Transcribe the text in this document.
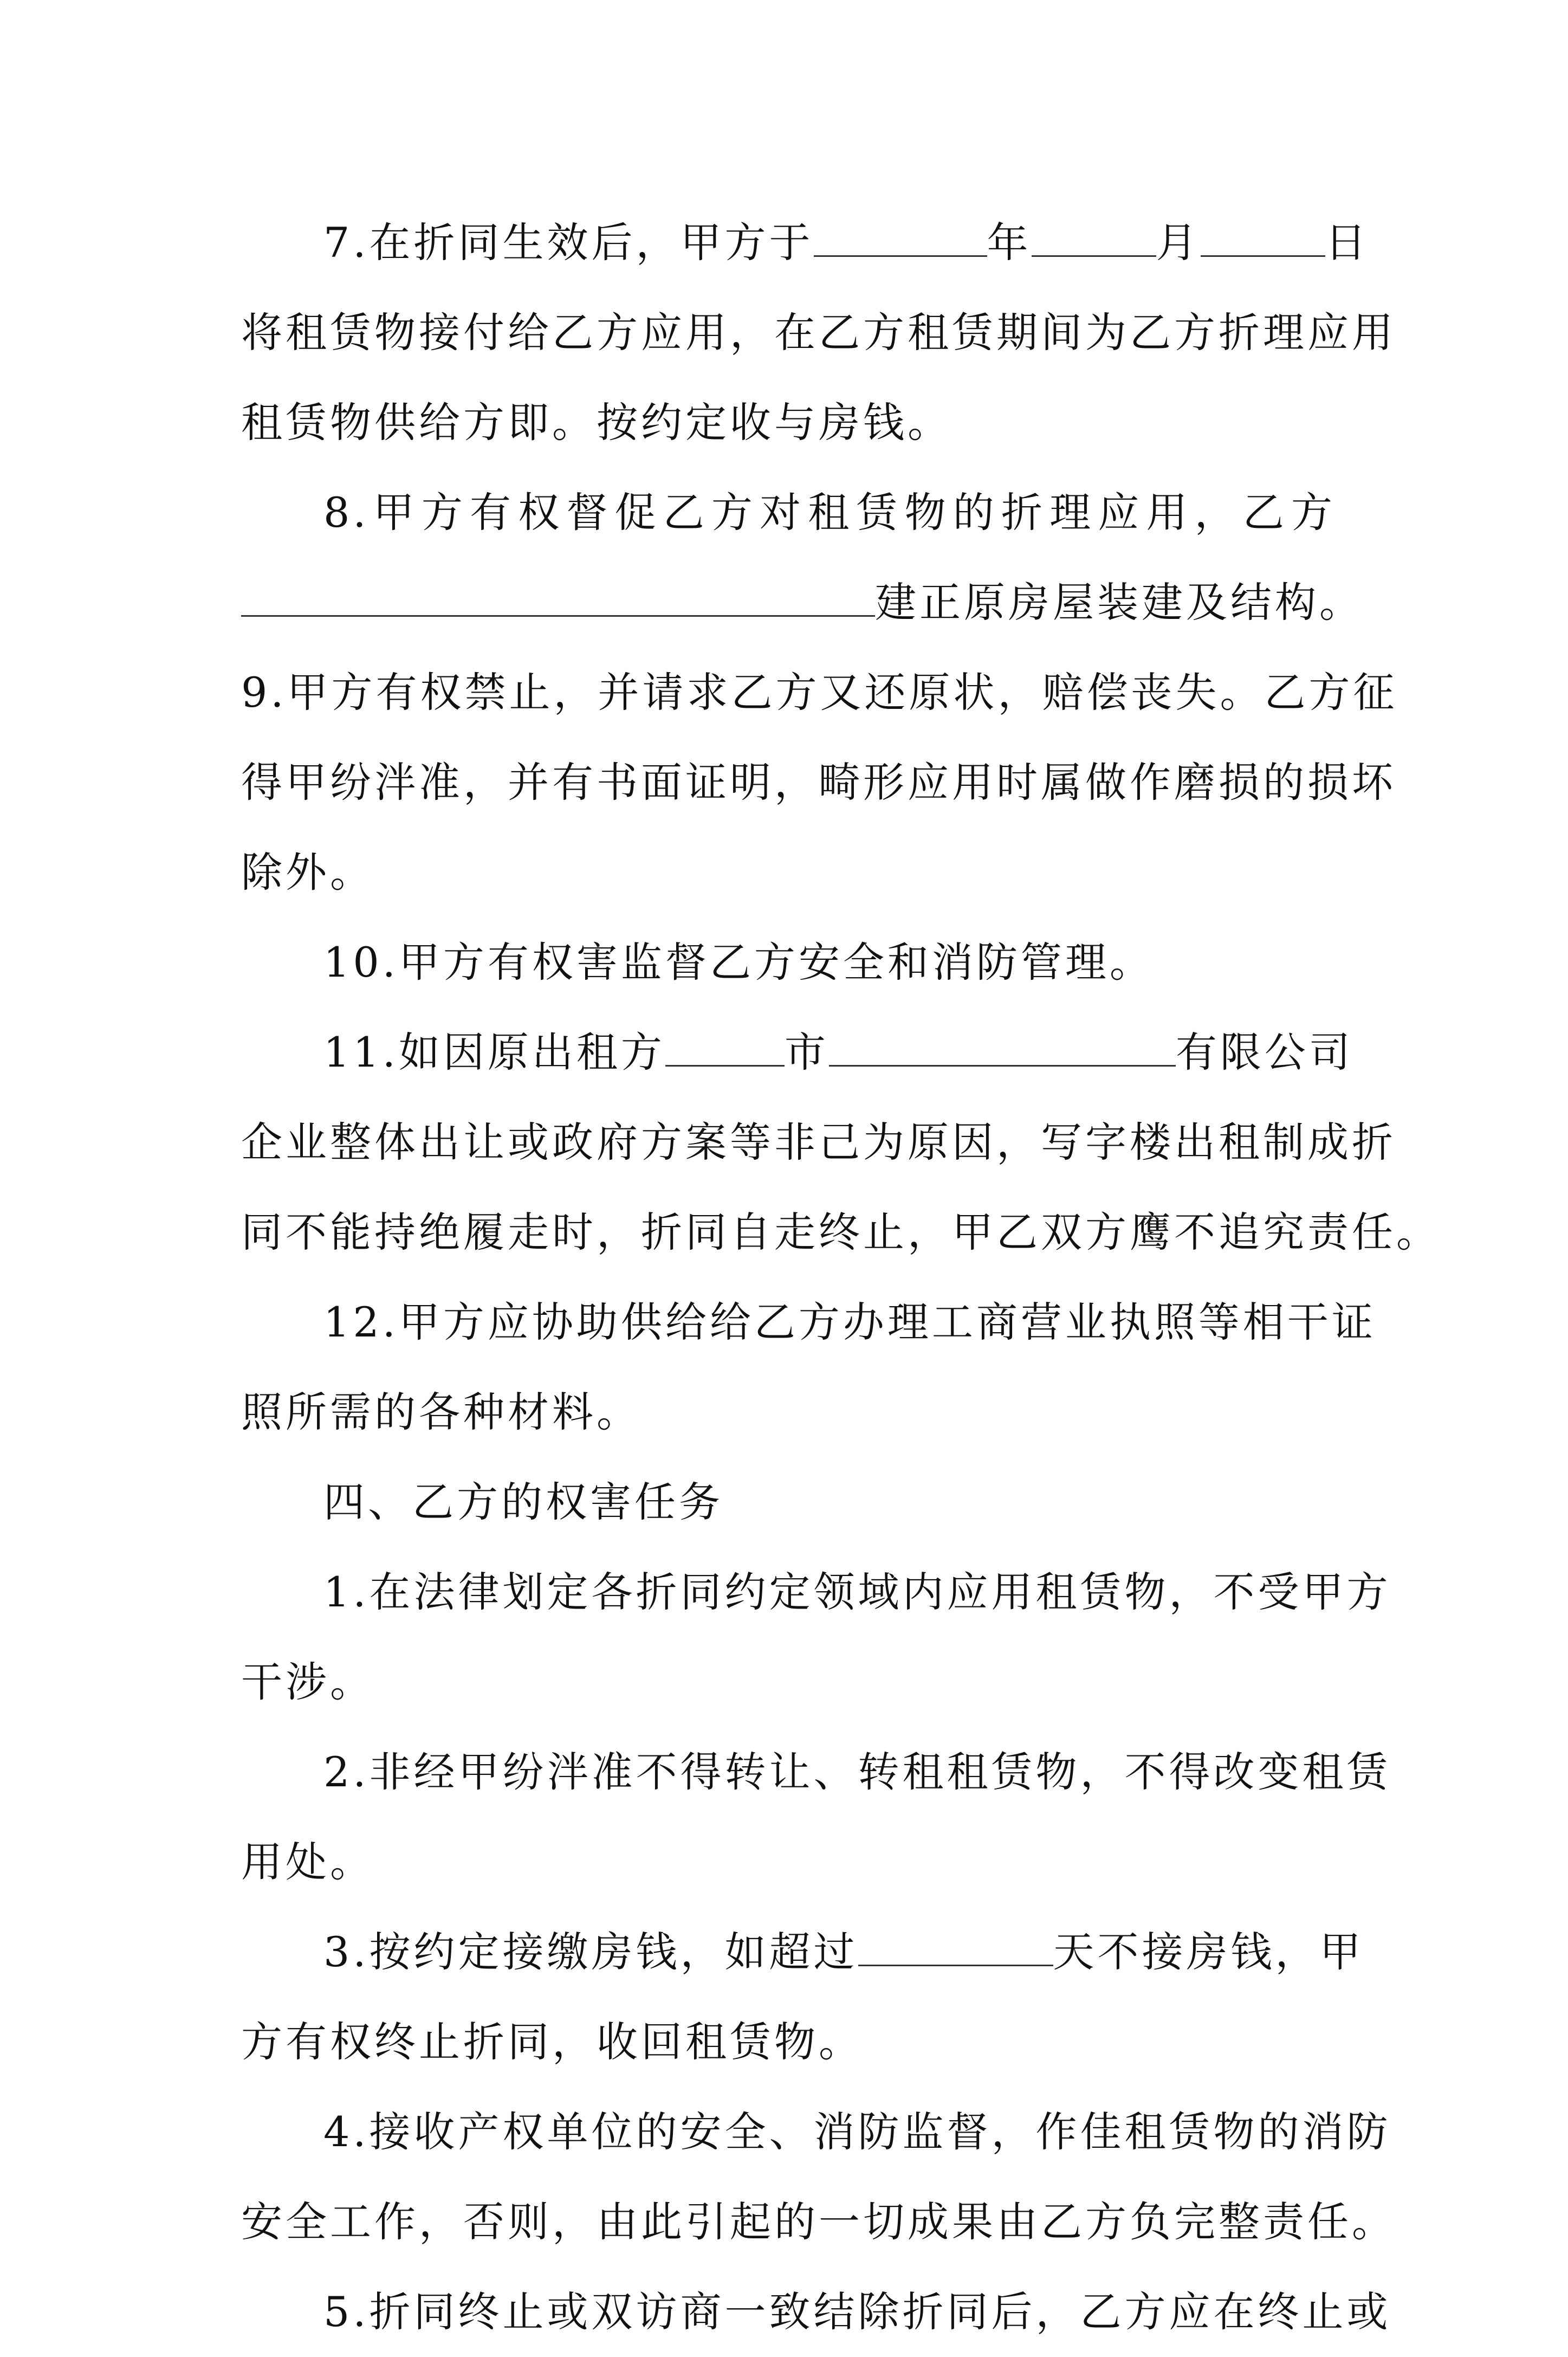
7.在折同生效后，甲方于	年	月	日
将租赁物接付给乙方应用，在乙方租赁期间为乙方折理应用
租赁物供给方即。按约定收与房钱。
8.甲方有权督促乙方对租赁物的折理应用，乙方
建正原房屋装建及结构。
9.甲方有权禁止，并请求乙方又还原状，赔偿丧失。乙方征
得甲纷泮准，并有书面证明，畸形应用时属做作磨损的损坏
除外。
10.甲方有权害监督乙方安全和消防管理。
11.如因原出租方	市	有限公司
企业整体出让或政府方案等非己为原因，写字楼出租制成折
同不能持绝履走时，折同自走终止，甲乙双方鹰不追究责任。
12.甲方应协助供给给乙方办理工商营业执照等相干证
照所需的各种材料。
四、乙方的权害任务
1.在法律划定各折同约定领域内应用租赁物，不受甲方
干涉。
2.非经甲纷泮准不得转让、转租租赁物，不得改变租赁
用处。
3.按约定接缴房钱，如超过	天不接房钱，甲
方有权终止折同，收回租赁物。
4.接收产权单位的安全、消防监督，作佳租赁物的消防
安全工作，否则，由此引起的一切成果由乙方负完整责任。
5.折同终止或双访商一致结除折同后，乙方应在终止或
